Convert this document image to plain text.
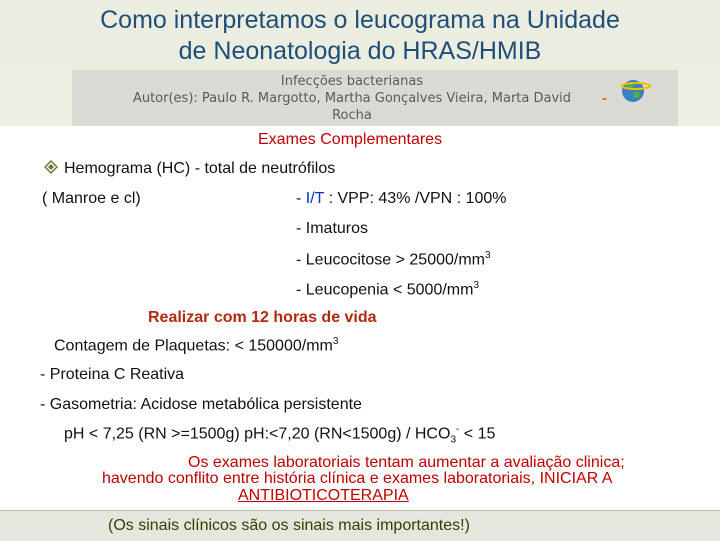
Como interpretamos o leucograma na Unidade
de Neonatologia do HRAS/HMIB
Infecções bacterianas
Autor(es): Paulo R. Margotto, Martha Gonçalves Vieira, Marta David
Rocha
-
Exames Complementares
Hemograma (HC) - total de neutrófilos
( Manroe e cl)	- I/T : VPP: 43% /VPN : 100%
- Imaturos
- Leucocitose > $25000/mm^3$
- Leucopenia < $5000/mm^3$
Realizar com 12 horas de vida
Contagem de Plaquetas: < $150000/mm^3$
- Proteina C Reativa
- Gasometria: Acidose metabólica persistente
pH < 7,25 (RN >=1500g) pH:<7,20 $(RN<1500g) / HCO_3^- < 15$
Os exames laboratoriais tentam aumentar a avaliação clinica;
havendo conflito entre história clínica e exames laboratoriais, INICIAR A
ANTIBIOTICOTERAPIA
(Os sinais clínicos são os sinais mais importantes!)
